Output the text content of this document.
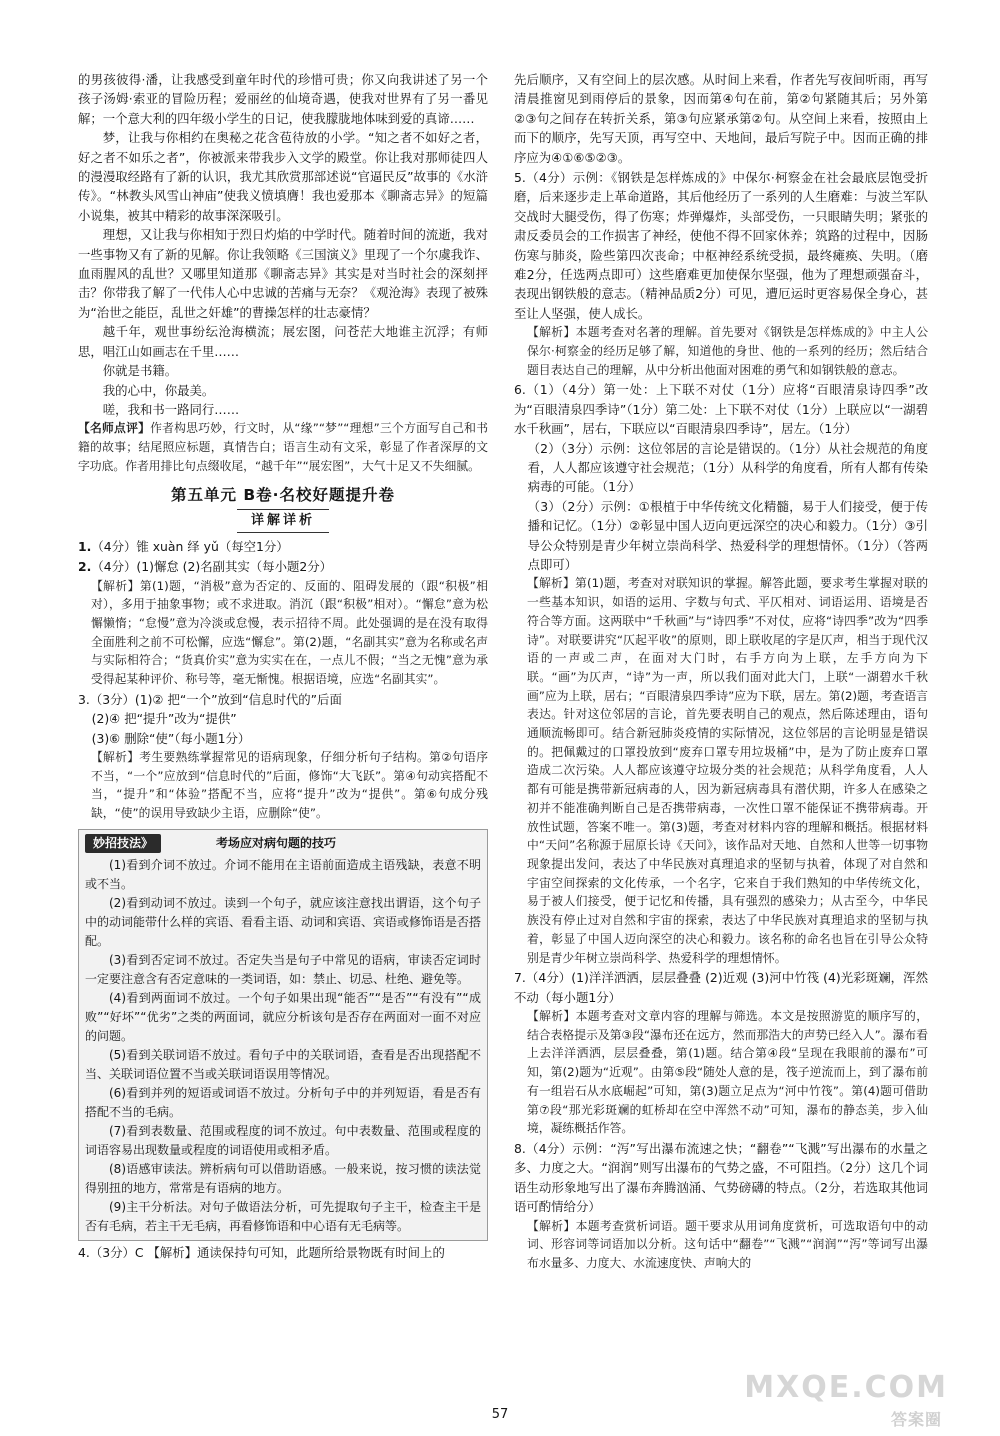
的男孩彼得·潘，让我感受到童年时代的珍惜可贵；你又向我讲述了另一个孩子汤姆·索亚的冒险历程；爱丽丝的仙境奇遇，使我对世界有了另一番见解；一个意大利的四年级小学生的日记，使我朦胧地体味到爱的真谛……

梦，让我与你相约在奥秘之花含苞待放的小学。“知之者不如好之者，好之者不如乐之者”，你被派来带我步入文学的殿堂。你让我对那师徒四人的漫漫取经路有了新的认识，我尤其欣赏那部述说“官逼民反”故事的《水浒传》。“林教头风雪山神庙”使我义愤填膺！我也爱那本《聊斋志异》的短篇小说集，被其中精彩的故事深深吸引。

理想，又让我与你相知于烈日灼焰的中学时代。随着时间的流逝，我对一些事物又有了新的见解。你让我领略《三国演义》里现了一个尔虞我诈、血雨腥风的乱世？又哪里知道那《聊斋志异》其实是对当时社会的深刻抨击？你带我了解了一代伟人心中忠诚的苦痛与无奈？《观沧海》表现了被殊为“治世之能臣，乱世之奸雄”的曹操怎样的壮志豪情？

越千年，观世事纷纭沧海横流；展宏图，问苍茫大地谁主沉浮；有师思，唱江山如画志在千里……

你就是书籍。

我的心中，你最美。

嗟，我和书一路同行……

【名师点评】作者构思巧妙，行文时，从“缘”“梦”“理想”三个方面写自己和书籍的故事；结尾照应标题，真情告白；语言生动有文采，彰显了作者深厚的文字功底。作者用排比句点缀收尾，“越千年”“展宏图”，大气十足又不失细腻。

第五单元 B卷·名校好题提升卷
详解详析

1.（4分）锥 xuàn 绎 yǔ（每空1分）

2.（4分）(1)懈怠 (2)名副其实（每小题2分）

【解析】第(1)题，“消极”意为否定的、反面的、阻碍发展的（跟“积极”相对），多用于抽象事物；或不求进取。消沉（跟“积极”相对）。“懈怠”意为松懈懒惰；“怠慢”意为冷淡或怠慢，表示招待不周。此处强调的是在没有取得全面胜利之前不可松懈，应选“懈怠”。第(2)题，“名副其实”意为名称或名声与实际相符合；“货真价实”意为实实在在，一点儿不假；“当之无愧”意为承受得起某种评价、称号等，毫无惭愧。根据语境，应选“名副其实”。

3.（3分）(1)② 把“一个”放到“信息时代的”后面

(2)④ 把“提升”改为“提供”

(3)⑥ 删除“使”（每小题1分）

【解析】考生要熟练掌握常见的语病现象，仔细分析句子结构。第②句语序不当，“一个”应放到“信息时代的”后面，修饰“大飞跃”。第④句动宾搭配不当，“提升”和“体验”搭配不当，应将“提升”改为“提供”。第⑥句成分残缺，“使”的误用导致缺少主语，应删除“使”。

妙招技法》	考场应对病句题的技巧

(1)看到介词不放过。介词不能用在主语前面造成主语残缺，表意不明或不当。

(2)看到动词不放过。读到一个句子，就应该注意找出谓语，这个句子中的动词能带什么样的宾语、看看主语、动词和宾语、宾语或修饰语是否搭配。

(3)看到否定词不放过。否定失当是句子中常见的语病，审读否定词时一定要注意含有否定意味的一类词语，如：禁止、切忌、杜绝、避免等。

(4)看到两面词不放过。一个句子如果出现“能否”“是否”“有没有”“成败”“好坏”“优劣”之类的两面词，就应分析该句是否存在两面对一面不对应的问题。

(5)看到关联词语不放过。看句子中的关联词语，查看是否出现搭配不当、关联词语位置不当或关联词语误用等情况。

(6)看到并列的短语或词语不放过。分析句子中的并列短语，看是否有搭配不当的毛病。

(7)看到表数量、范围或程度的词不放过。句中表数量、范围或程度的词语容易出现数量或程度的词语使用或相矛盾。

(8)语感审读法。辨析病句可以借助语感。一般来说，按习惯的读法觉得别扭的地方，常常是有语病的地方。

(9)主干分析法。对句子做语法分析，可先提取句子主干，检查主干是否有毛病，若主干无毛病，再看修饰语和中心语有无毛病等。

4.（3分）C 【解析】通读保持句可知，此题所给景物既有时间上的

先后顺序，又有空间上的层次感。从时间上来看，作者先写夜间听雨，再写清晨推窗见到雨停后的景象，因而第④句在前，第②句紧随其后；另外第②③句之间存在转折关系，第③句应紧承第②句。从空间上来看，按照由上而下的顺序，先写天顶，再写空中、天地间，最后写院子中。因而正确的排序应为④①⑥⑤②③。

5.（4分）示例：《钢铁是怎样炼成的》中保尔·柯察金在社会最底层饱受折磨，后来逐步走上革命道路，其后他经历了一系列的人生磨难：与波兰军队交战时大腿受伤，得了伤寒；炸弹爆炸，头部受伤，一只眼睛失明；紧张的肃反委员会的工作损害了神经，使他不得不回家休养；筑路的过程中，因肠伤寒与肺炎，险些第四次丧命；中枢神经系统受损，最终瘫痪、失明。（磨难2分，任选两点即可）这些磨难更加使保尔坚强，他为了理想顽强奋斗，表现出钢铁般的意志。（精神品质2分）可见，遭厄运时更容易保全身心，甚至让人坚强，使人成长。

【解析】本题考查对名著的理解。首先要对《钢铁是怎样炼成的》中主人公保尔·柯察金的经历足够了解，知道他的身世、他的一系列的经历；然后结合题目表达自己的理解，从中分析出他面对困难的勇气和如钢铁般的意志。

6.（1）（4分）第一处：上下联不对仗（1分）应将“百眼清泉诗四季”改为“百眼清泉四季诗”（1分）第二处：上下联不对仗（1分）上联应以“一湖碧水千秋画”，居右，下联应以“百眼清泉四季诗”，居左。（1分）

（2）（3分）示例：这位邻居的言论是错误的。（1分）从社会规范的角度看，人人都应该遵守社会规范；（1分）从科学的角度看，所有人都有传染病毒的可能。（1分）

（3）（2分）示例：①根植于中华传统文化精髓，易于人们接受，便于传播和记忆。（1分）②彰显中国人迈向更远深空的决心和毅力。（1分）③引导公众特别是青少年树立崇尚科学、热爱科学的理想情怀。（1分）（答两点即可）

【解析】第(1)题，考查对对联知识的掌握。解答此题，要求考生掌握对联的一些基本知识，如语的运用、字数与句式、平仄相对、词语运用、语境是否符合等方面。这两联中“千秋画”与“诗四季”不对仗，应将“诗四季”改为“四季诗”。对联要讲究“仄起平收”的原则，即上联收尾的字是仄声，相当于现代汉语的一声或二声，在面对大门时，右手方向为上联，左手方向为下联。“画”为仄声，“诗”为一声，所以我们面对此大门，上联“一湖碧水千秋画”应为上联，居右；“百眼清泉四季诗”应为下联，居左。第(2)题，考查语言表达。针对这位邻居的言论，首先要表明自己的观点，然后陈述理由，语句通顺流畅即可。结合新冠肺炎疫情的实际情况，这位邻居的言论明显是错误的。把佩戴过的口罩投放到“废弃口罩专用垃圾桶”中，是为了防止废弃口罩造成二次污染。人人都应该遵守垃圾分类的社会规范；从科学角度看，人人都有可能是携带新冠病毒的人，因为新冠病毒具有潜伏期，许多人在感染之初并不能准确判断自己是否携带病毒，一次性口罩不能保证不携带病毒。开放性试题，答案不唯一。第(3)题，考查对材料内容的理解和概括。根据材料中“天问”名称源于屈原长诗《天问》，该作品对天地、自然和人世等一切事物现象提出发问，表达了中华民族对真理追求的坚韧与执着，体现了对自然和宇宙空间探索的文化传承，一个名字，它来自于我们熟知的中华传统文化，易于被人们接受，便于记忆和传播，具有强烈的感染力；从古至今，中华民族没有停止过对自然和宇宙的探索，表达了中华民族对真理追求的坚韧与执着，彰显了中国人迈向深空的决心和毅力。该名称的命名也旨在引导公众特别是青少年树立崇尚科学、热爱科学的理想情怀。

7.（4分）(1)洋洋洒洒，层层叠叠 (2)近观 (3)河中竹筏 (4)光彩斑斓，浑然不动（每小题1分）

【解析】本题考查对文章内容的理解与筛选。本文是按照游览的顺序写的，结合表格提示及第③段“瀑布还在远方，然而那浩大的声势已经入人”。瀑布看上去洋洋洒洒，层层叠叠，第(1)题。结合第④段“呈现在我眼前的瀑布”可知，第(2)题为“近观”。由第⑤段“随处人意的是，筏子逆流而上，到了瀑布前有一组岩石从水底崛起”可知，第(3)题立足点为“河中竹筏”。第(4)题可借助第⑦段“那光彩斑斓的虹桥却在空中浑然不动”可知，瀑布的静态美，步入仙境，凝练概括作答。

8.（4分）示例：“泻”写出瀑布流速之快；“翻卷”“飞溅”写出瀑布的水量之多、力度之大。“润润”则写出瀑布的气势之盛，不可阻挡。（2分）这几个词语生动形象地写出了瀑布奔腾汹涌、气势磅礴的特点。（2分，若选取其他词语可酌情给分）

【解析】本题考查赏析词语。题干要求从用词角度赏析，可选取语句中的动词、形容词等词语加以分析。这句话中“翻卷”“飞溅”“润润”“泻”等词写出瀑布水量多、力度大、水流速度快、声响大的

57
MXQE.COM
答案圈
